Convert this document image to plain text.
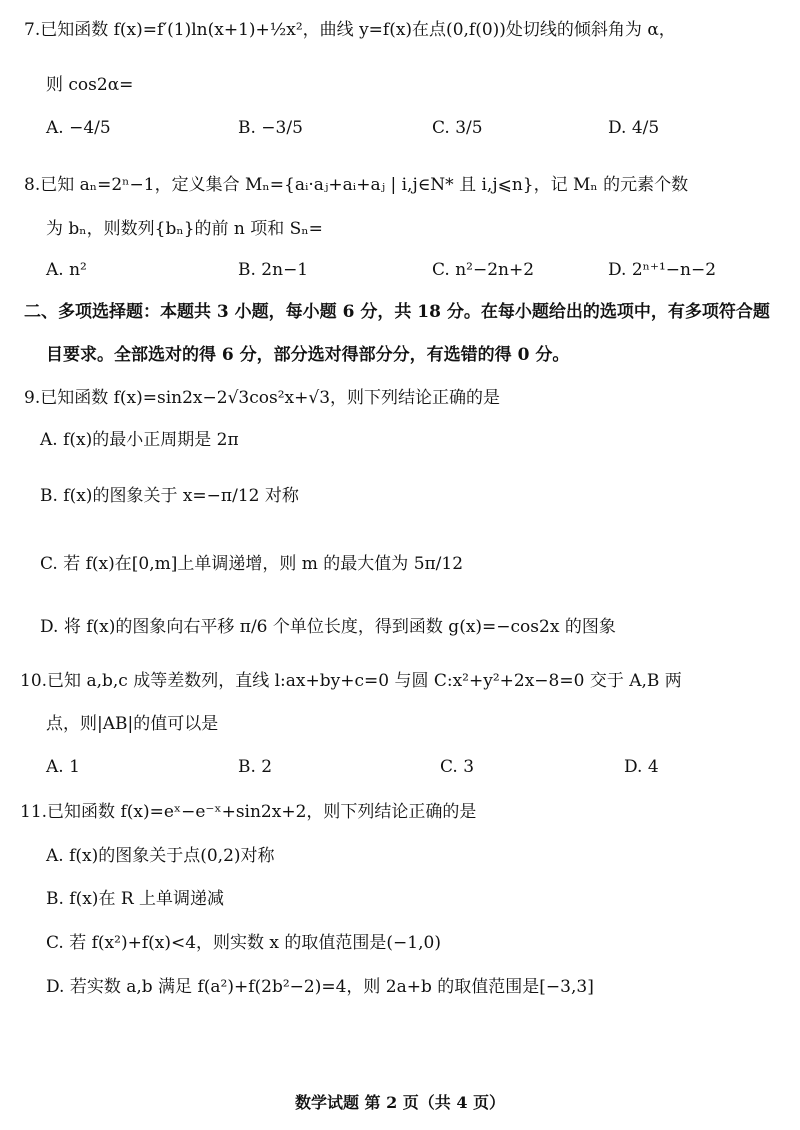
7.已知函数 f(x)=f′(1)ln(x+1)+½x²，曲线 y=f(x)在点(0,f(0))处切线的倾斜角为 α，
则 cos2α=
A. −4/5	B. −3/5	C. 3/5	D. 4/5
8.已知 aₙ=2ⁿ−1，定义集合 Mₙ={aᵢ·aⱼ+aᵢ+aⱼ | i,j∈N* 且 i,j⩽n}，记 Mₙ 的元素个数
为 bₙ，则数列{bₙ}的前 n 项和 Sₙ=
A. n²	B. 2n−1	C. n²−2n+2	D. 2ⁿ⁺¹−n−2
二、多项选择题：本题共 3 小题，每小题 6 分，共 18 分。在每小题给出的选项中，有多项符合题
目要求。全部选对的得 6 分，部分选对得部分分，有选错的得 0 分。
9.已知函数 f(x)=sin2x−2√3cos²x+√3，则下列结论正确的是
A. f(x)的最小正周期是 2π
B. f(x)的图象关于 x=−π/12 对称
C. 若 f(x)在[0,m]上单调递增，则 m 的最大值为 5π/12
D. 将 f(x)的图象向右平移 π/6 个单位长度，得到函数 g(x)=−cos2x 的图象
10.已知 a,b,c 成等差数列，直线 l:ax+by+c=0 与圆 C:x²+y²+2x−8=0 交于 A,B 两
点，则|AB|的值可以是
A. 1	B. 2	C. 3	D. 4
11.已知函数 f(x)=eˣ−e⁻ˣ+sin2x+2，则下列结论正确的是
A. f(x)的图象关于点(0,2)对称
B. f(x)在 R 上单调递减
C. 若 f(x²)+f(x)<4，则实数 x 的取值范围是(−1,0)
D. 若实数 a,b 满足 f(a²)+f(2b²−2)=4，则 2a+b 的取值范围是[−3,3]
数学试题 第 2 页（共 4 页）
